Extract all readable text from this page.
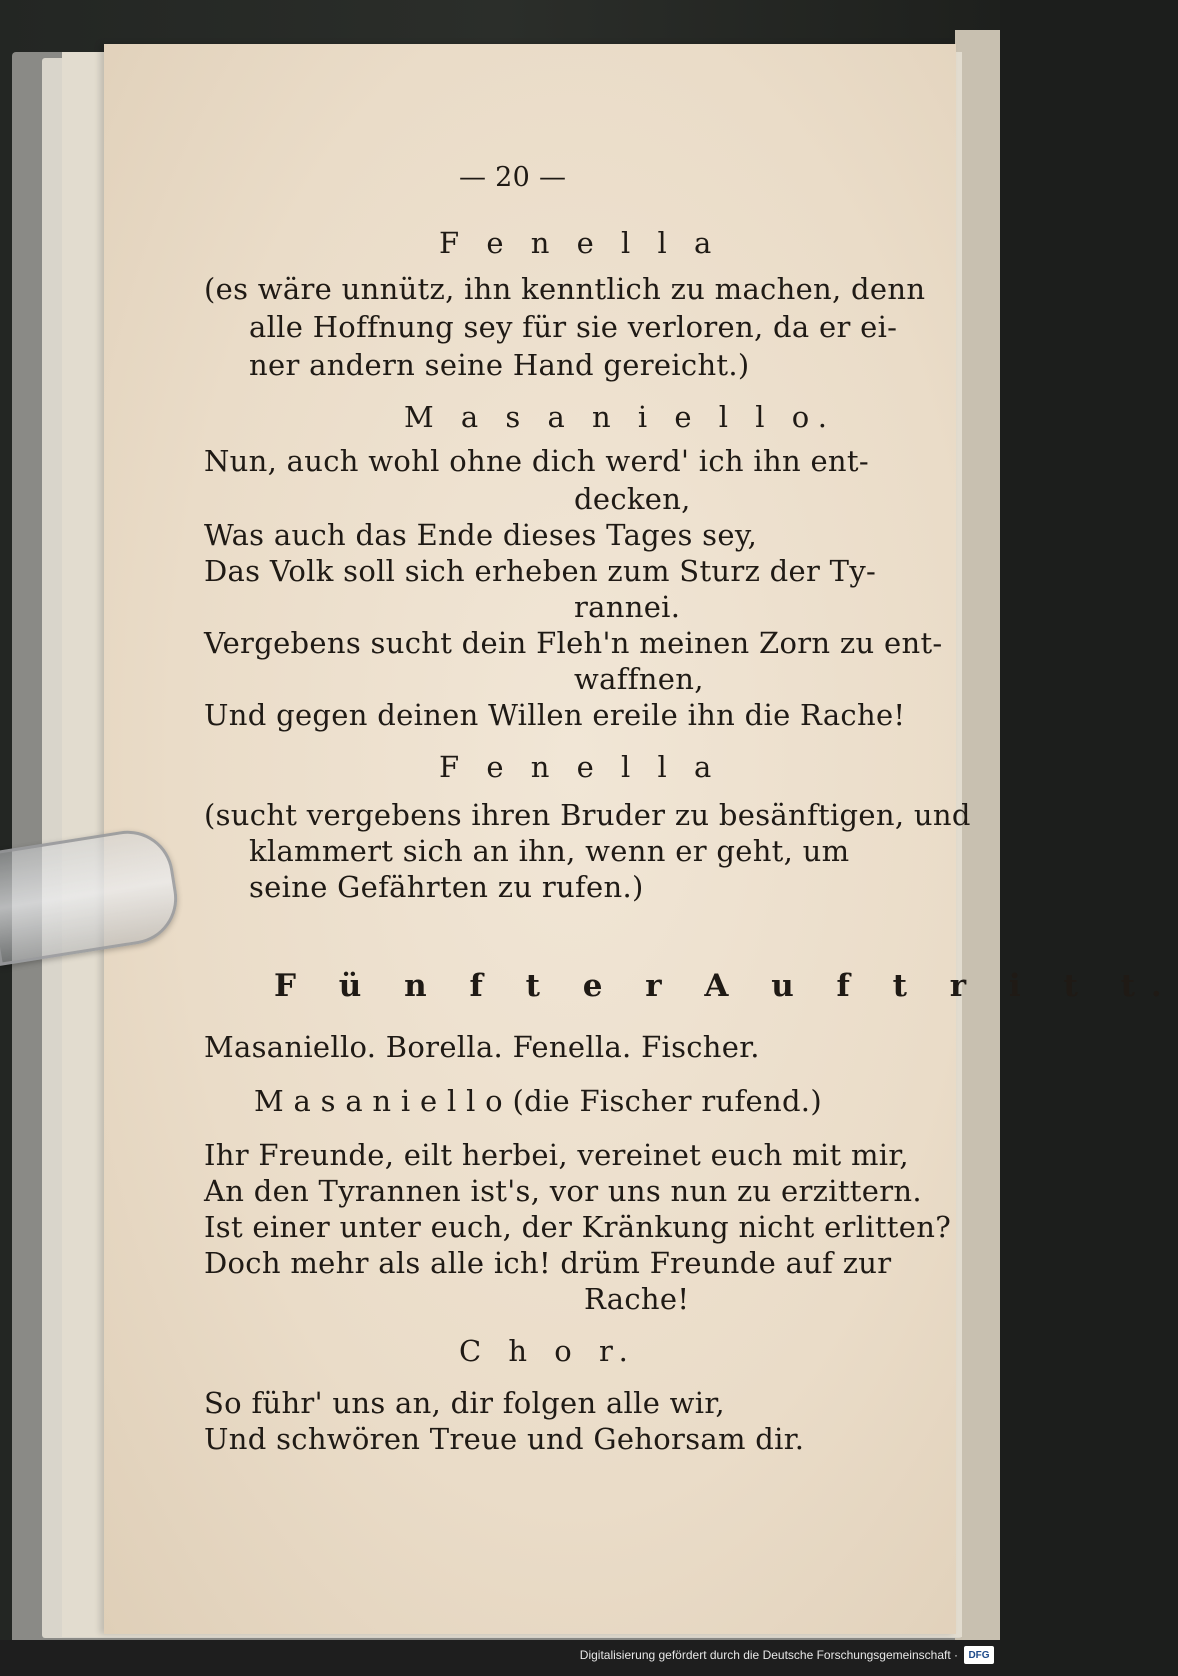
— 20 —
F e n e l l a
(es wäre unnütz, ihn kenntlich zu machen, denn
alle Hoffnung sey für sie verloren, da er ei-
ner andern seine Hand gereicht.)
M a s a n i e l l o.
Nun, auch wohl ohne dich werd' ich ihn ent-
decken,
Was auch das Ende dieses Tages sey,
Das Volk soll sich erheben zum Sturz der Ty-
rannei.
Vergebens sucht dein Fleh'n meinen Zorn zu ent-
waffnen,
Und gegen deinen Willen ereile ihn die Rache!
F e n e l l a
(sucht vergebens ihren Bruder zu besänftigen, und
klammert sich an ihn, wenn er geht, um
seine Gefährten zu rufen.)
F ü n f t e r A u f t r i t t.
Masaniello. Borella. Fenella. Fischer.
M a s a n i e l l o (die Fischer rufend.)
Ihr Freunde, eilt herbei, vereinet euch mit mir,
An den Tyrannen ist's, vor uns nun zu erzittern.
Ist einer unter euch, der Kränkung nicht erlitten?
Doch mehr als alle ich! drüm Freunde auf zur
Rache!
C h o r.
So führ' uns an, dir folgen alle wir,
Und schwören Treue und Gehorsam dir.
Digitalisierung gefördert durch die Deutsche Forschungsgemeinschaft ·	DFG
